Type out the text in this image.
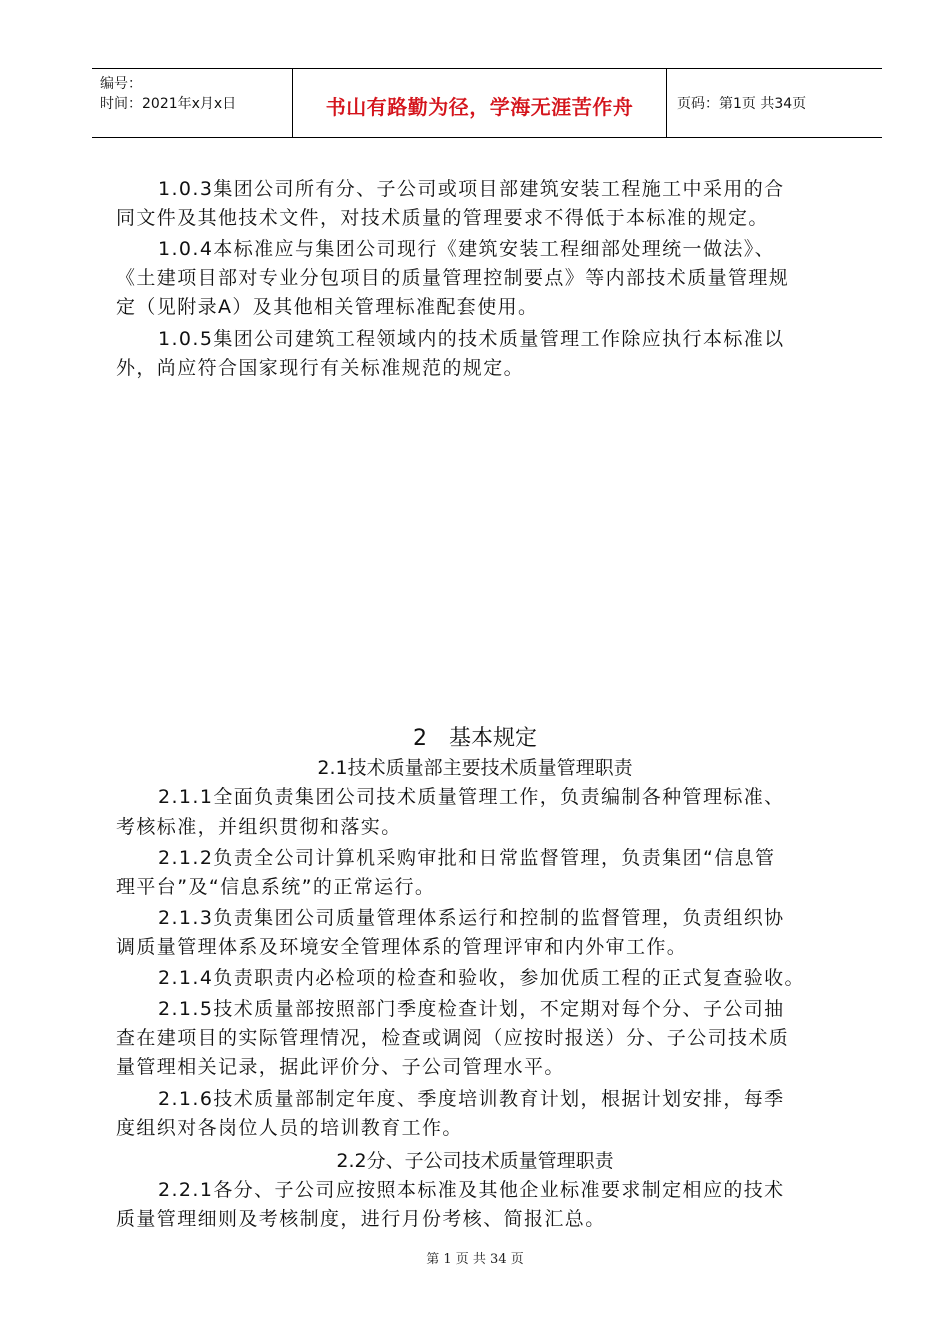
编号：
时间：2021年x月x日	书山有路勤为径，学海无涯苦作舟	页码：第1页 共34页
1.0.3集团公司所有分、子公司或项目部建筑安装工程施工中采用的合
同文件及其他技术文件，对技术质量的管理要求不得低于本标准的规定。
1.0.4本标准应与集团公司现行《建筑安装工程细部处理统一做法》、
《土建项目部对专业分包项目的质量管理控制要点》等内部技术质量管理规
定（见附录A）及其他相关管理标准配套使用。
1.0.5集团公司建筑工程领域内的技术质量管理工作除应执行本标准以
外，尚应符合国家现行有关标准规范的规定。
2　基本规定
2.1技术质量部主要技术质量管理职责
2.1.1全面负责集团公司技术质量管理工作，负责编制各种管理标准、
考核标准，并组织贯彻和落实。
2.1.2负责全公司计算机采购审批和日常监督管理，负责集团“信息管
理平台”及“信息系统”的正常运行。
2.1.3负责集团公司质量管理体系运行和控制的监督管理，负责组织协
调质量管理体系及环境安全管理体系的管理评审和内外审工作。
2.1.4负责职责内必检项的检查和验收，参加优质工程的正式复查验收。
2.1.5技术质量部按照部门季度检查计划，不定期对每个分、子公司抽
查在建项目的实际管理情况，检查或调阅（应按时报送）分、子公司技术质
量管理相关记录，据此评价分、子公司管理水平。
2.1.6技术质量部制定年度、季度培训教育计划，根据计划安排，每季
度组织对各岗位人员的培训教育工作。
2.2分、子公司技术质量管理职责
2.2.1各分、子公司应按照本标准及其他企业标准要求制定相应的技术
质量管理细则及考核制度，进行月份考核、简报汇总。
第 1 页 共 34 页
